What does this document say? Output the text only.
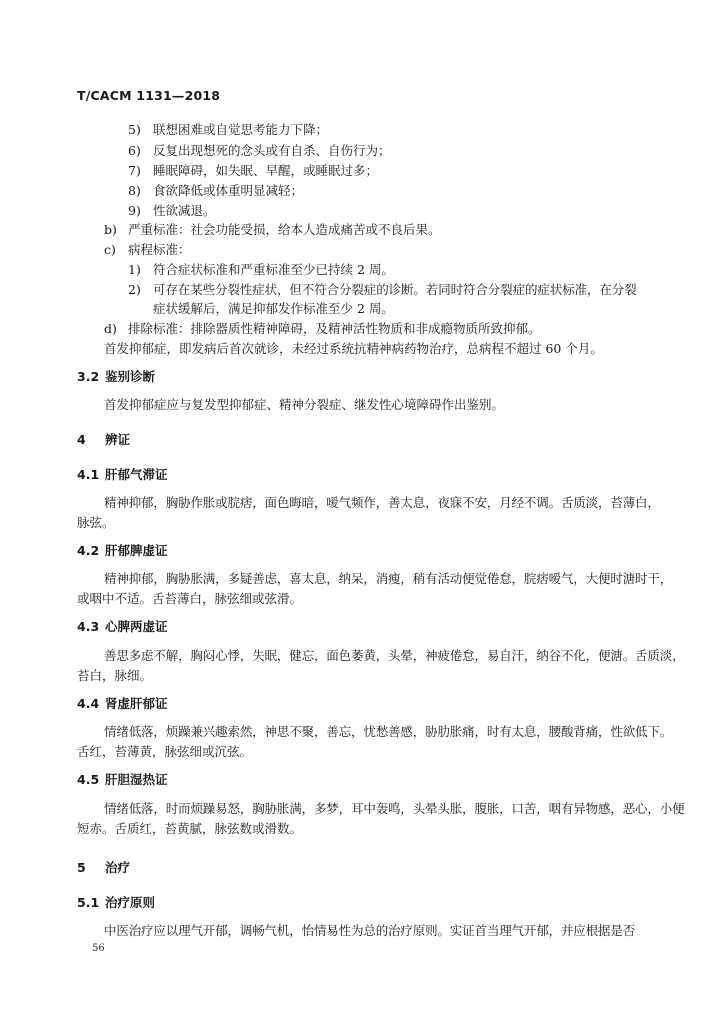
T/CACM 1131—2018
5) 联想困难或自觉思考能力下降；
6) 反复出现想死的念头或有自杀、自伤行为；
7) 睡眠障碍，如失眠、早醒，或睡眠过多；
8) 食欲降低或体重明显减轻；
9) 性欲减退。
b) 严重标准：社会功能受损，给本人造成痛苦或不良后果。
c) 病程标准：
1) 符合症状标准和严重标准至少已持续 2 周。
2) 可存在某些分裂性症状，但不符合分裂症的诊断。若同时符合分裂症的症状标准，在分裂
症状缓解后，满足抑郁发作标准至少 2 周。
d) 排除标准：排除器质性精神障碍，及精神活性物质和非成瘾物质所致抑郁。
首发抑郁症，即发病后首次就诊，未经过系统抗精神病药物治疗，总病程不超过 60 个月。
3.2 鉴别诊断
首发抑郁症应与复发型抑郁症、精神分裂症、继发性心境障碍作出鉴别。
4 辨证
4.1 肝郁气滞证
精神抑郁，胸胁作胀或脘痞，面色晦暗，嗳气频作，善太息，夜寐不安，月经不调。舌质淡，苔薄白，
脉弦。
4.2 肝郁脾虚证
精神抑郁，胸胁胀满，多疑善虑，喜太息，纳呆，消瘦，稍有活动便觉倦怠，脘痞嗳气，大便时溏时干，
或咽中不适。舌苔薄白，脉弦细或弦滑。
4.3 心脾两虚证
善思多虑不解，胸闷心悸，失眠，健忘，面色萎黄，头晕，神疲倦怠，易自汗，纳谷不化，便溏。舌质淡，
苔白，脉细。
4.4 肾虚肝郁证
情绪低落，烦躁兼兴趣索然，神思不聚，善忘，忧愁善感，胁肋胀痛，时有太息，腰酸背痛，性欲低下。
舌红，苔薄黄，脉弦细或沉弦。
4.5 肝胆湿热证
情绪低落，时而烦躁易怒，胸胁胀满，多梦，耳中轰鸣，头晕头胀，腹胀，口苦，咽有异物感，恶心，小便
短赤。舌质红，苔黄腻，脉弦数或滑数。
5 治疗
5.1 治疗原则
中医治疗应以理气开郁，调畅气机，怡情易性为总的治疗原则。实证首当理气开郁，并应根据是否
56
